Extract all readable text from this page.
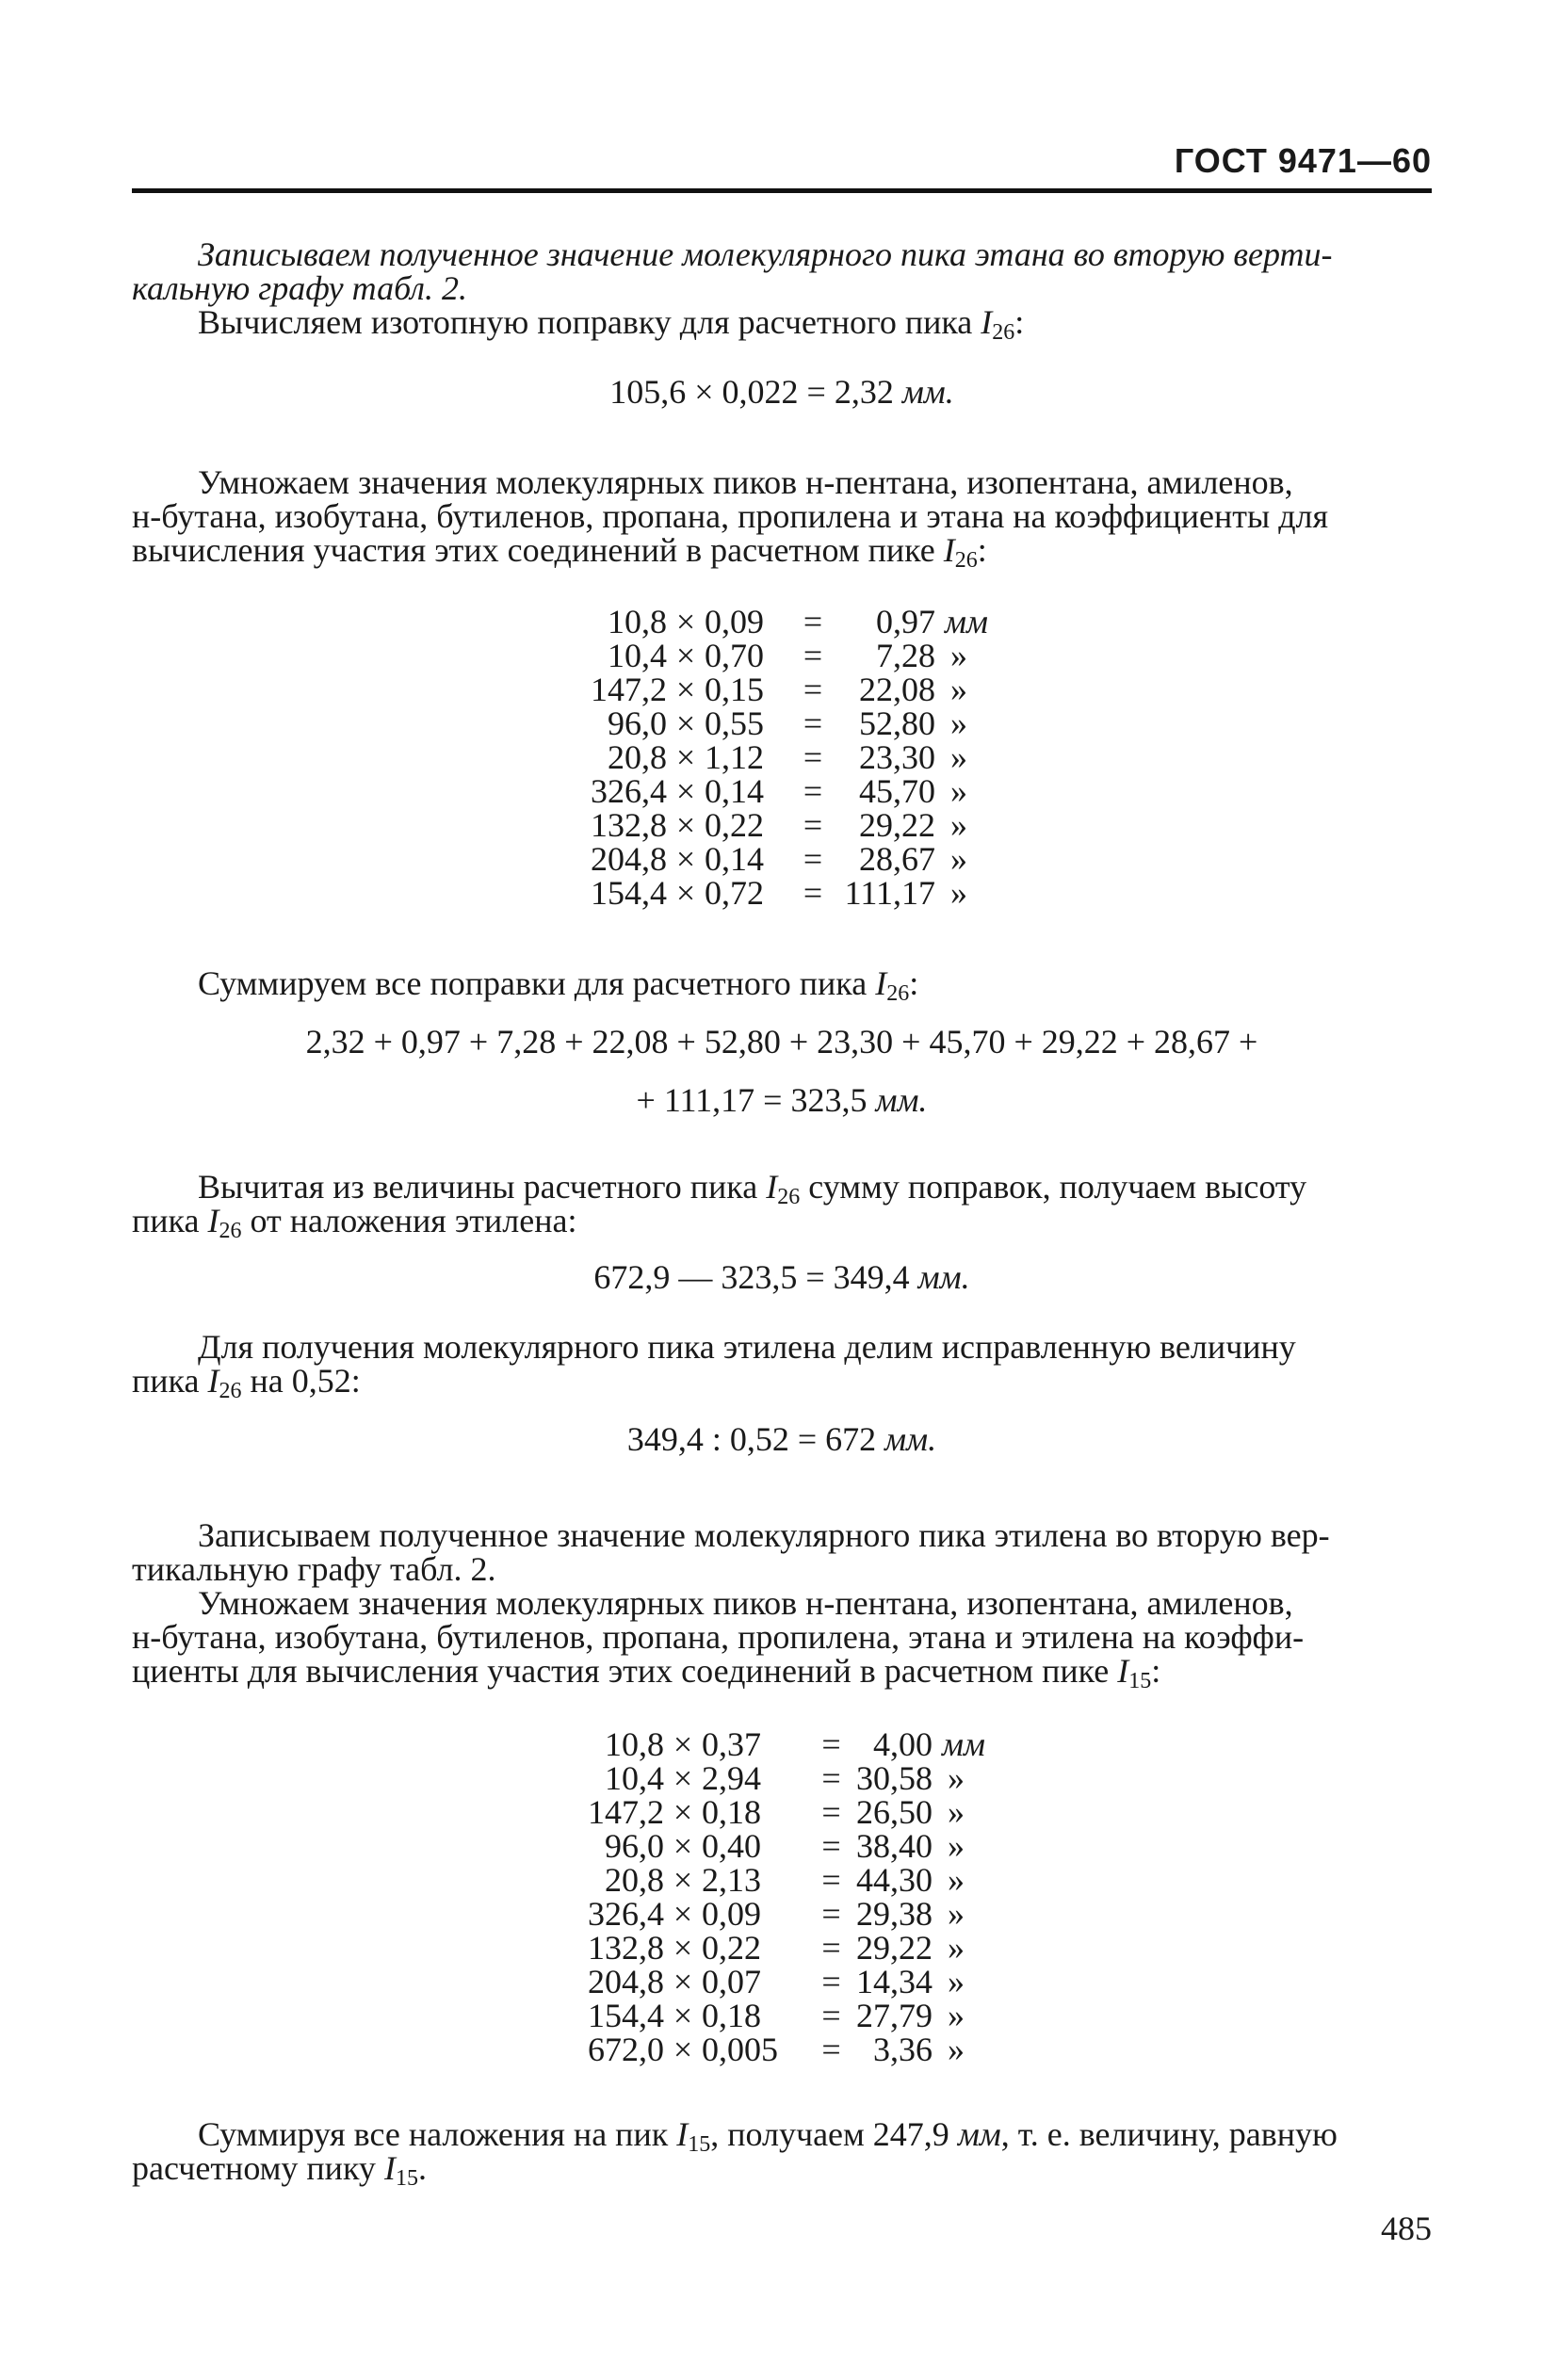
ГОСТ 9471—60
Записываем полученное значение молекулярного пика этана во вторую верти-
кальную графу табл. 2.
Вычисляем изотопную поправку для расчетного пика $I_{26}$:
105,6 × 0,022 = 2,32 мм.
Умножаем значения молекулярных пиков н-пентана, изопентана, амиленов,
н-бутана, изобутана, бутиленов, пропана, пропилена и этана на коэффициенты для
вычисления участия этих соединений в расчетном пике $I_{26}$:
10,8	×	0,09	=	0,97	мм
10,4	×	0,70	=	7,28	»
147,2	×	0,15	=	22,08	»
96,0	×	0,55	=	52,80	»
20,8	×	1,12	=	23,30	»
326,4	×	0,14	=	45,70	»
132,8	×	0,22	=	29,22	»
204,8	×	0,14	=	28,67	»
154,4	×	0,72	=	111,17	»
Суммируем все поправки для расчетного пика $I_{26}$:
2,32 + 0,97 + 7,28 + 22,08 + 52,80 + 23,30 + 45,70 + 29,22 + 28,67 +
+ 111,17 = 323,5 мм.
Вычитая из величины расчетного пика $I_{26}$ сумму поправок, получаем высоту
пика $I_{26}$ от наложения этилена:
672,9 — 323,5 = 349,4 мм.
Для получения молекулярного пика этилена делим исправленную величину
пика $I_{26}$ на 0,52:
349,4 : 0,52 = 672 мм.
Записываем полученное значение молекулярного пика этилена во вторую вер-
тикальную графу табл. 2.
Умножаем значения молекулярных пиков н-пентана, изопентана, амиленов,
н-бутана, изобутана, бутиленов, пропана, пропилена, этана и этилена на коэффи-
циенты для вычисления участия этих соединений в расчетном пике $I_{15}$:
10,8	×	0,37	=	4,00	мм
10,4	×	2,94	=	30,58	»
147,2	×	0,18	=	26,50	»
96,0	×	0,40	=	38,40	»
20,8	×	2,13	=	44,30	»
326,4	×	0,09	=	29,38	»
132,8	×	0,22	=	29,22	»
204,8	×	0,07	=	14,34	»
154,4	×	0,18	=	27,79	»
672,0	×	0,005	=	3,36	»
Суммируя все наложения на пик $I_{15}$, получаем 247,9 мм, т. е. величину, равную
расчетному пику $I_{15}$.
485
